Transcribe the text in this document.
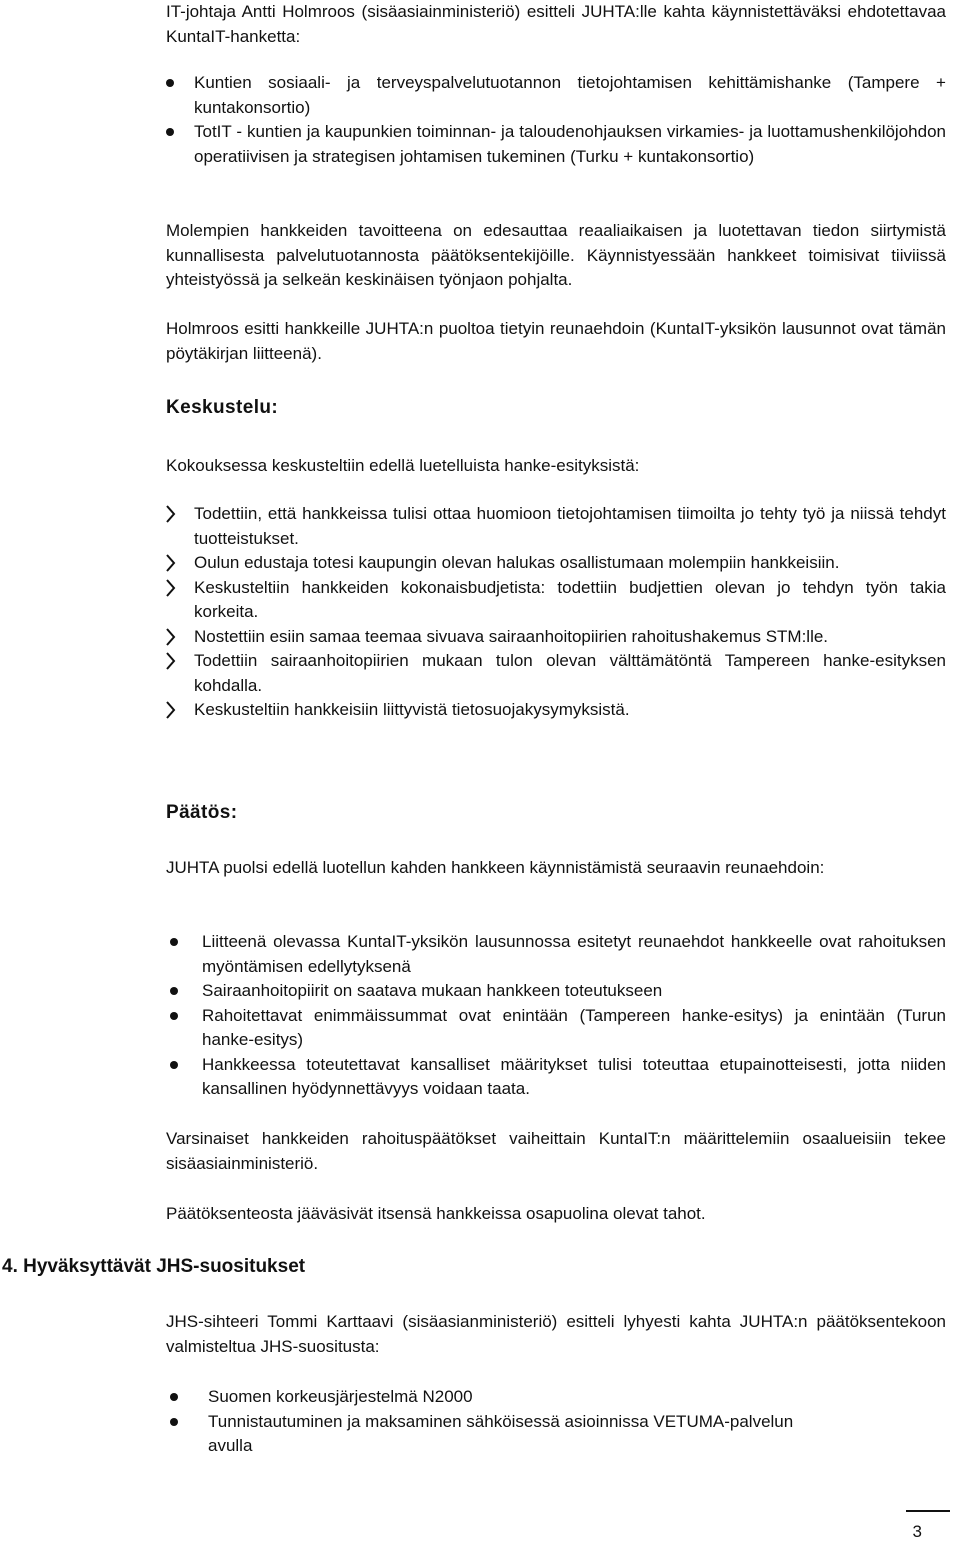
IT-johtaja Antti Holmroos (sisäasiainministeriö) esitteli JUHTA:lle kahta käynnistettäväksi ehdotettavaa KuntaIT-hanketta:

Kuntien sosiaali- ja terveyspalvelutuotannon tietojohtamisen kehittämishanke (Tampere + kuntakonsortio)
TotIT - kuntien ja kaupunkien toiminnan- ja taloudenohjauksen virkamies- ja luottamushenkilöjohdon operatiivisen ja strategisen johtamisen tukeminen (Turku + kuntakonsortio)

Molempien hankkeiden tavoitteena on edesauttaa reaaliaikaisen ja luotettavan tiedon siirtymistä kunnallisesta palvelutuotannosta päätöksentekijöille. Käynnistyessään hankkeet toimisivat tiiviissä yhteistyössä ja selkeän keskinäisen työnjaon pohjalta.

Holmroos esitti hankkeille JUHTA:n puoltoa tietyin reunaehdoin (KuntaIT-yksikön lausunnot ovat tämän pöytäkirjan liitteenä).

Keskustelu:

Kokouksessa keskusteltiin edellä luetelluista hanke-esityksistä:

Todettiin, että hankkeissa tulisi ottaa huomioon tietojohtamisen tiimoilta jo tehty työ ja niissä tehdyt tuotteistukset.
Oulun edustaja totesi kaupungin olevan halukas osallistumaan molempiin hankkeisiin.
Keskusteltiin hankkeiden kokonaisbudjetista: todettiin budjettien olevan jo tehdyn työn takia korkeita.
Nostettiin esiin samaa teemaa sivuava sairaanhoitopiirien rahoitushakemus STM:lle.
Todettiin sairaanhoitopiirien mukaan tulon olevan välttämätöntä Tampereen hanke-esityksen kohdalla.
Keskusteltiin hankkeisiin liittyvistä tietosuojakysymyksistä.
Päätös:

JUHTA puolsi edellä luotellun kahden hankkeen käynnistämistä seuraavin reunaehdoin:

Liitteenä olevassa KuntaIT-yksikön lausunnossa esitetyt reunaehdot hankkeelle ovat rahoituksen myöntämisen edellytyksenä
Sairaanhoitopiirit on saatava mukaan hankkeen toteutukseen
Rahoitettavat enimmäissummat ovat enintään (Tampereen hanke-esitys) ja enintään (Turun hanke-esitys)
Hankkeessa toteutettavat kansalliset määritykset tulisi toteuttaa etupainotteisesti, jotta niiden kansallinen hyödynnettävyys voidaan taata.

Varsinaiset hankkeiden rahoituspäätökset vaiheittain KuntaIT:n määrittelemiin osaalueisiin tekee sisäasiainministeriö.

Päätöksenteosta jääväsivät itsensä hankkeissa osapuolina olevat tahot.

4. Hyväksyttävät JHS-suositukset

JHS-sihteeri Tommi Karttaavi (sisäasianministeriö) esitteli lyhyesti kahta JUHTA:n päätöksentekoon valmisteltua JHS-suositusta:

Suomen korkeusjärjestelmä N2000
Tunnistautuminen ja maksaminen sähköisessä asioinnissa VETUMA-palvelun avulla
3
